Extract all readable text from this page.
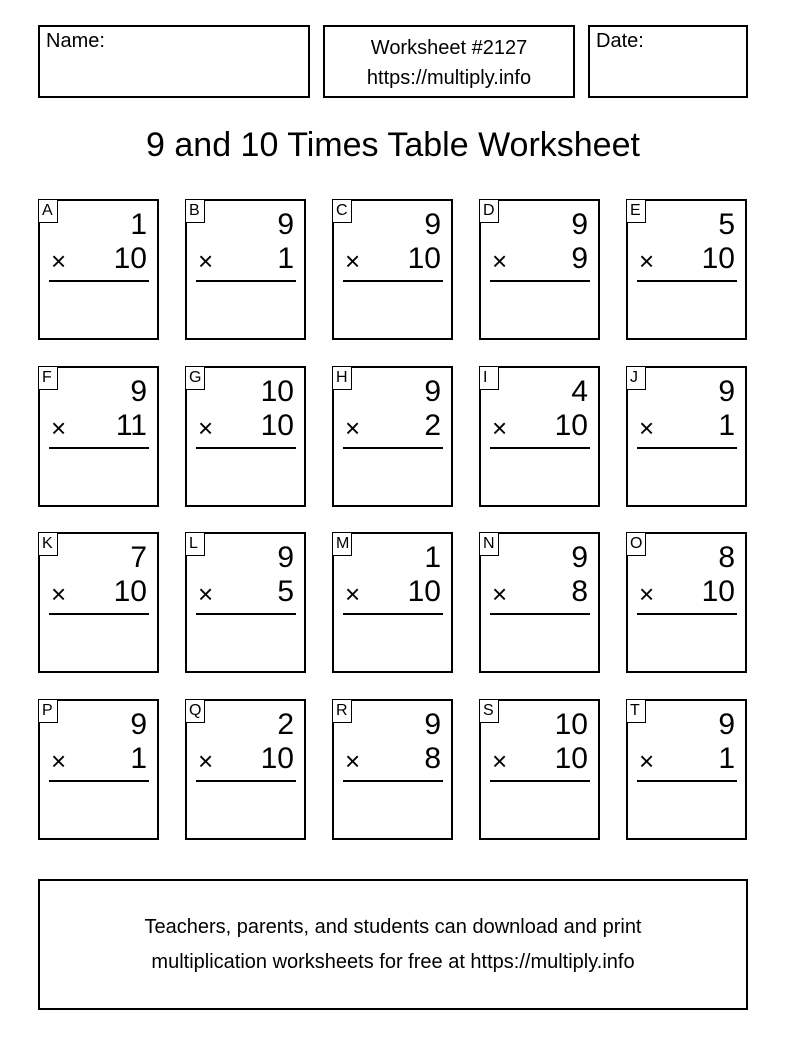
Name:	Worksheet #2127
https://multiply.info
Date:
9 and 10 Times Table Worksheet
A	1
× 10
B	9
× 1
C	9
× 10
D	9
× 9
E	5
× 10
F	9
× 11
G 10
× 10
H	9
× 2
I	4
× 10
J	9
× 1
K	7
× 10
L	9
× 5
M 1
× 10
N	9
× 8
O	8
× 10
P	9
× 1
Q	2
× 10
R	9
× 8
S 10
× 10
T	9
× 1
Teachers, parents, and students can download and print
multiplication worksheets for free at https://multiply.info
